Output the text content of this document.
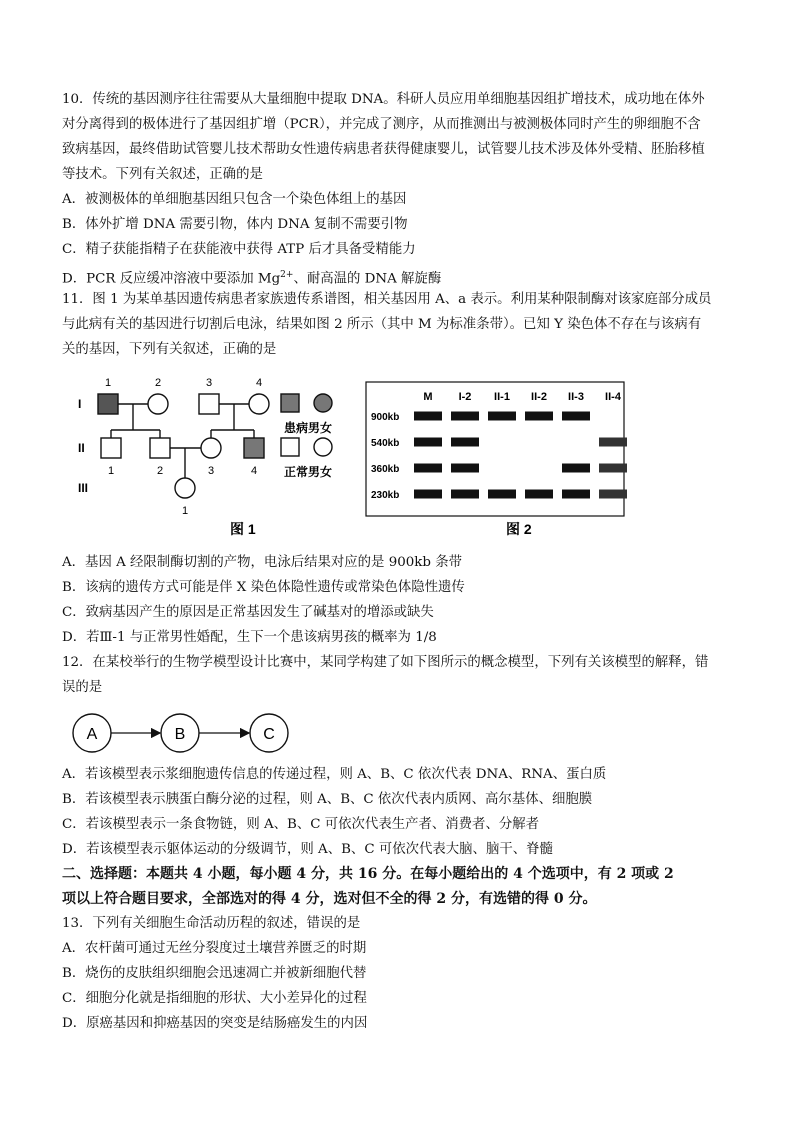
10．传统的基因测序往往需要从大量细胞中提取 DNA。科研人员应用单细胞基因组扩增技术，成功地在体外
对分离得到的极体进行了基因组扩增（PCR），并完成了测序，从而推测出与被测极体同时产生的卵细胞不含
致病基因，最终借助试管婴儿技术帮助女性遗传病患者获得健康婴儿，试管婴儿技术涉及体外受精、胚胎移植
等技术。下列有关叙述，正确的是
A．被测极体的单细胞基因组只包含一个染色体组上的基因
B．体外扩增 DNA 需要引物，体内 DNA 复制不需要引物
C．精子获能指精子在获能液中获得 ATP 后才具备受精能力
D．PCR 反应缓冲溶液中要添加 $Mg^{2+}$、耐高温的 DNA 解旋酶
11．图 1 为某单基因遗传病患者家族遗传系谱图，相关基因用 A、a 表示。利用某种限制酶对该家庭部分成员
与此病有关的基因进行切割后电泳，结果如图 2 所示（其中 M 为标准条带）。已知 Y 染色体不存在与该病有
关的基因，下列有关叙述，正确的是
患病男女
正常男女
I
II
III
1	2	3	4
1	2	3	4
1
图 1
M I-2 II-1 II-2 II-3 II-4
900kb
540kb
360kb
230kb
图 2
A．基因 A 经限制酶切割的产物，电泳后结果对应的是 900kb 条带
B．该病的遗传方式可能是伴 X 染色体隐性遗传或常染色体隐性遗传
C．致病基因产生的原因是正常基因发生了碱基对的增添或缺失
D．若Ⅲ-1 与正常男性婚配，生下一个患该病男孩的概率为 1/8
12．在某校举行的生物学模型设计比赛中，某同学构建了如下图所示的概念模型，下列有关该模型的解释，错
误的是
A	B	C
A．若该模型表示浆细胞遗传信息的传递过程，则 A、B、C 依次代表 DNA、RNA、蛋白质
B．若该模型表示胰蛋白酶分泌的过程，则 A、B、C 依次代表内质网、高尔基体、细胞膜
C．若该模型表示一条食物链，则 A、B、C 可依次代表生产者、消费者、分解者
D．若该模型表示躯体运动的分级调节，则 A、B、C 可依次代表大脑、脑干、脊髓
二、选择题：本题共 4 小题，每小题 4 分，共 16 分。在每小题给出的 4 个选项中，有 2 项或 2
项以上符合题目要求，全部选对的得 4 分，选对但不全的得 2 分，有选错的得 0 分。
13．下列有关细胞生命活动历程的叙述，错误的是
A．农杆菌可通过无丝分裂度过土壤营养匮乏的时期
B．烧伤的皮肤组织细胞会迅速凋亡并被新细胞代替
C．细胞分化就是指细胞的形状、大小差异化的过程
D．原癌基因和抑癌基因的突变是结肠癌发生的内因
